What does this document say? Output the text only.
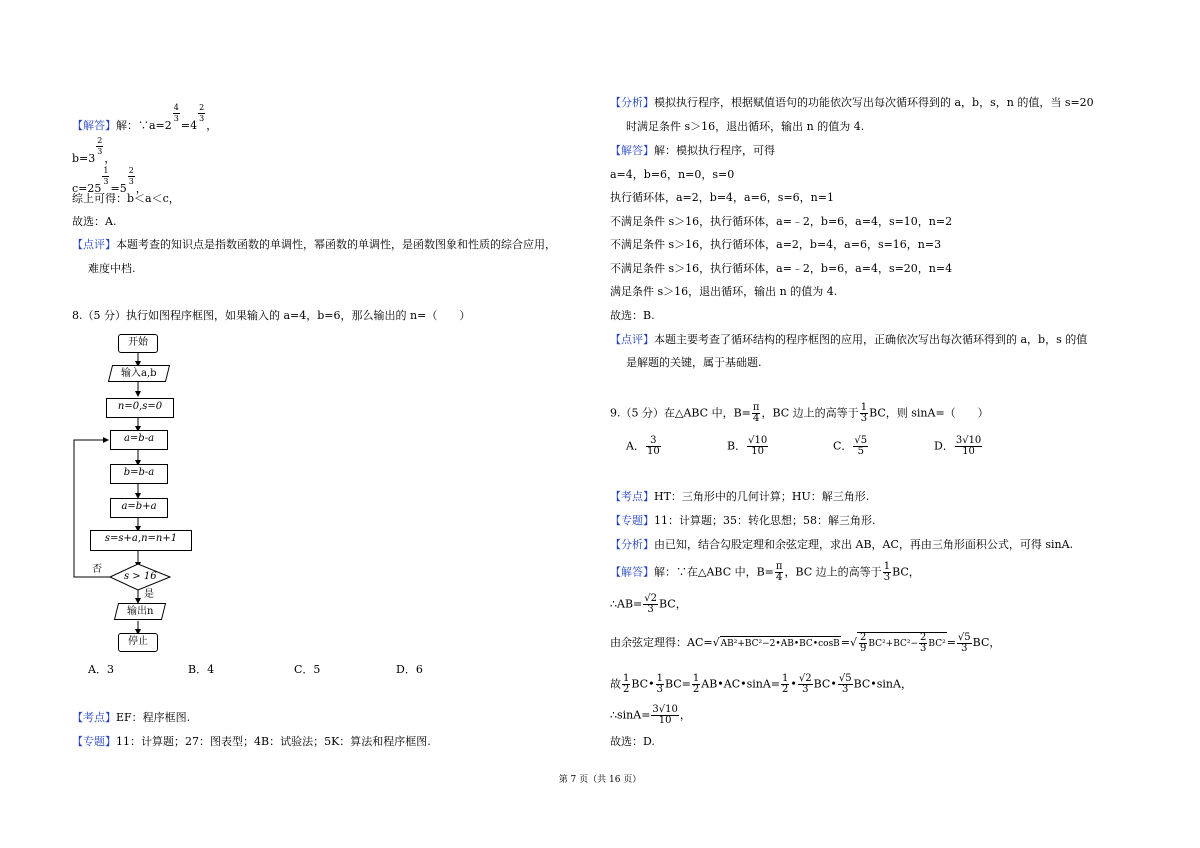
【解答】解：∵a=2
$\frac{4}{3}$
=4
$\frac{2}{3}$
，
b=3
$\frac{2}{3}$
，
c=25
$\frac{1}{3}$
=5
$\frac{2}{3}$
，
综上可得：b＜a＜c，
故选：A.
【点评】本题考查的知识点是指数函数的单调性，幂函数的单调性，是函数图象和性质的综合应用，
难度中档.
8.（5 分）执行如图程序框图，如果输入的 a=4，b=6，那么输出的 n=（　　）
A．3	B．4	C．5	D．6
【考点】EF：程序框图.
【专题】11：计算题；27：图表型；4B：试验法；5K：算法和程序框图.
开始
输入a,b
n=0,s=0
a=b-a
b=b-a
a=b+a
s=s+a,n=n+1
s > 16
否
是
输出n
停止
【分析】模拟执行程序，根据赋值语句的功能依次写出每次循环得到的 a，b，s，n 的值，当 s=20
时满足条件 s＞16，退出循环，输出 n 的值为 4.
【解答】解：模拟执行程序，可得
a=4，b=6，n=0，s=0
执行循环体，a=2，b=4，a=6，s=6，n=1
不满足条件 s＞16，执行循环体，a=﹣2，b=6，a=4，s=10，n=2
不满足条件 s＞16，执行循环体，a=2，b=4，a=6，s=16，n=3
不满足条件 s＞16，执行循环体，a=﹣2，b=6，a=4，s=20，n=4
满足条件 s＞16，退出循环，输出 n 的值为 4.
故选：B.
【点评】本题主要考查了循环结构的程序框图的应用，正确依次写出每次循环得到的 a，b，s 的值
是解题的关键，属于基础题.
9.（5 分）在△ABC 中，$B= \frac{\pi}{4}$ ，BC 边上的高等于 $\frac{1}{3}$ BC，则 sinA=（　　）
A． $\frac{3}{10}$	B． $\frac{√10}{10}$	C． $\frac{√5}{5}$	D． $\frac{3√10}{10}$
【考点】HT：三角形中的几何计算；HU：解三角形.
【专题】11：计算题；35：转化思想；58：解三角形.
【分析】由已知，结合勾股定理和余弦定理，求出 AB，AC，再由三角形面积公式，可得 sinA.
【解答】解：∵在△ABC 中，$B= \frac{\pi}{4}$ ，BC 边上的高等于 $\frac{1}{3}$ BC，
∴AB= $\frac{√2}{3}$ BC，
由余弦定理得：AC=√AB²+BC²−2•AB•BC•cosB=√ $\frac{2}{9} BC^2+BC^2- \frac{2}{3} BC^2= \frac{√5}{3}$ BC，
故 $\frac{1}{2}$ BC• $\frac{1}{3} BC= \frac{1}{2}$ AB•AC•sinA= $\frac{1}{2}$ • $\frac{√2}{3}$ BC• $\frac{√5}{3}$ BC•sinA，
∴sinA= $\frac{3√10}{10}$ ，
故选：D.
第 7 页（共 16 页）
